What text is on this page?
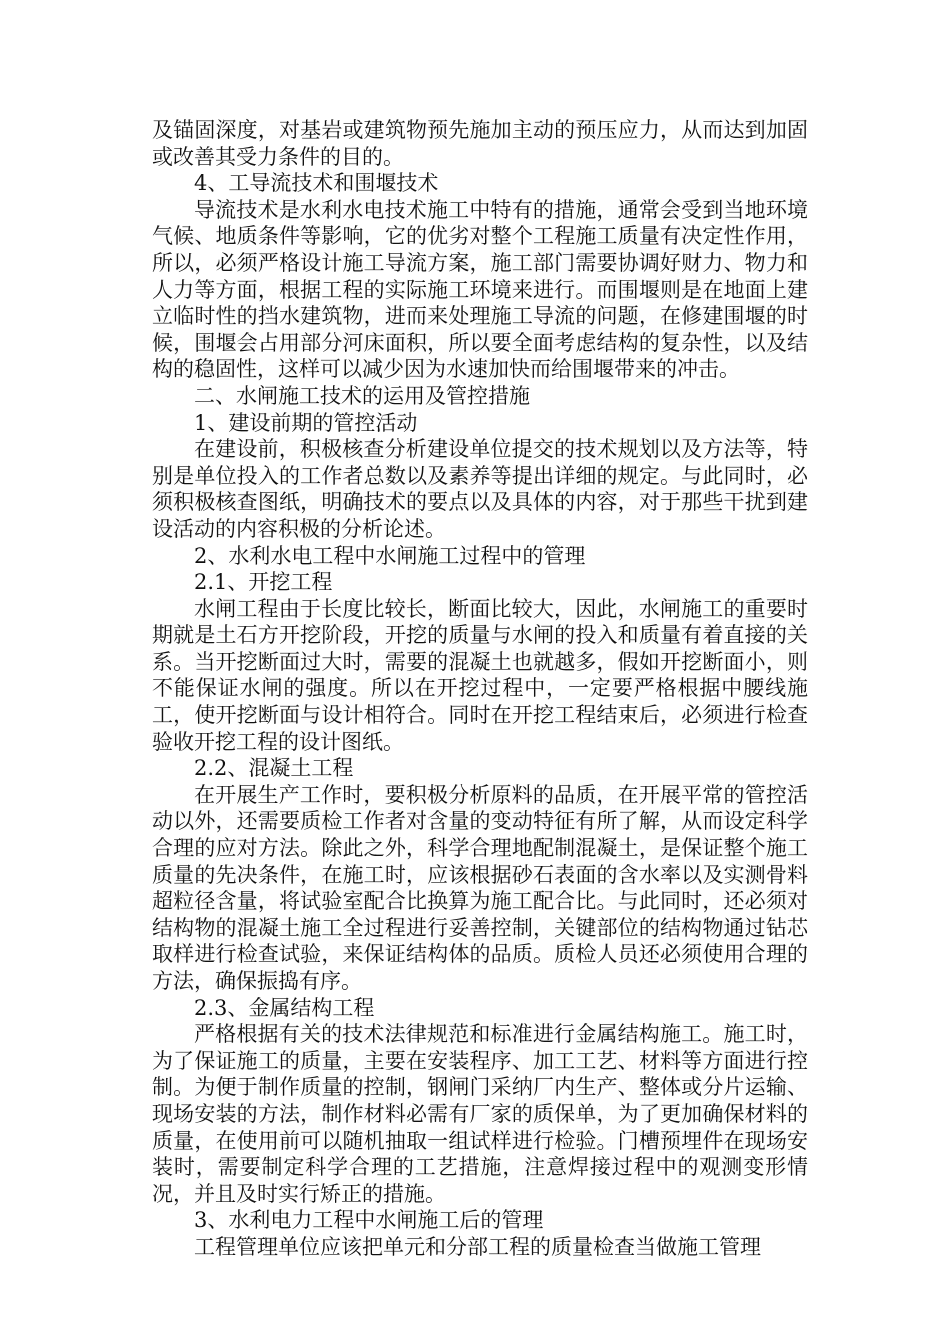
及锚固深度，对基岩或建筑物预先施加主动的预压应力，从而达到加固或改善其受力条件的目的。

4、工导流技术和围堰技术

导流技术是水利水电技术施工中特有的措施，通常会受到当地环境气候、地质条件等影响，它的优劣对整个工程施工质量有决定性作用，所以，必须严格设计施工导流方案，施工部门需要协调好财力、物力和人力等方面，根据工程的实际施工环境来进行。而围堰则是在地面上建立临时性的挡水建筑物，进而来处理施工导流的问题，在修建围堰的时候，围堰会占用部分河床面积，所以要全面考虑结构的复杂性，以及结构的稳固性，这样可以减少因为水速加快而给围堰带来的冲击。

二、水闸施工技术的运用及管控措施

1、建设前期的管控活动

在建设前，积极核查分析建设单位提交的技术规划以及方法等，特别是单位投入的工作者总数以及素养等提出详细的规定。与此同时，必须积极核查图纸，明确技术的要点以及具体的内容，对于那些干扰到建设活动的内容积极的分析论述。

2、水利水电工程中水闸施工过程中的管理

2.1、开挖工程

水闸工程由于长度比较长，断面比较大，因此，水闸施工的重要时期就是土石方开挖阶段，开挖的质量与水闸的投入和质量有着直接的关系。当开挖断面过大时，需要的混凝土也就越多，假如开挖断面小，则不能保证水闸的强度。所以在开挖过程中，一定要严格根据中腰线施工，使开挖断面与设计相符合。同时在开挖工程结束后，必须进行检查验收开挖工程的设计图纸。

2.2、混凝土工程

在开展生产工作时，要积极分析原料的品质，在开展平常的管控活动以外，还需要质检工作者对含量的变动特征有所了解，从而设定科学合理的应对方法。除此之外，科学合理地配制混凝土，是保证整个施工质量的先决条件，在施工时，应该根据砂石表面的含水率以及实测骨料超粒径含量，将试验室配合比换算为施工配合比。与此同时，还必须对结构物的混凝土施工全过程进行妥善控制，关键部位的结构物通过钻芯取样进行检查试验，来保证结构体的品质。质检人员还必须使用合理的方法，确保振捣有序。

2.3、金属结构工程

严格根据有关的技术法律规范和标准进行金属结构施工。施工时，为了保证施工的质量，主要在安装程序、加工工艺、材料等方面进行控制。为便于制作质量的控制，钢闸门采纳厂内生产、整体或分片运输、现场安装的方法，制作材料必需有厂家的质保单，为了更加确保材料的质量，在使用前可以随机抽取一组试样进行检验。门槽预埋件在现场安装时，需要制定科学合理的工艺措施，注意焊接过程中的观测变形情况，并且及时实行矫正的措施。

3、水利电力工程中水闸施工后的管理

工程管理单位应该把单元和分部工程的质量检查当做施工管理
